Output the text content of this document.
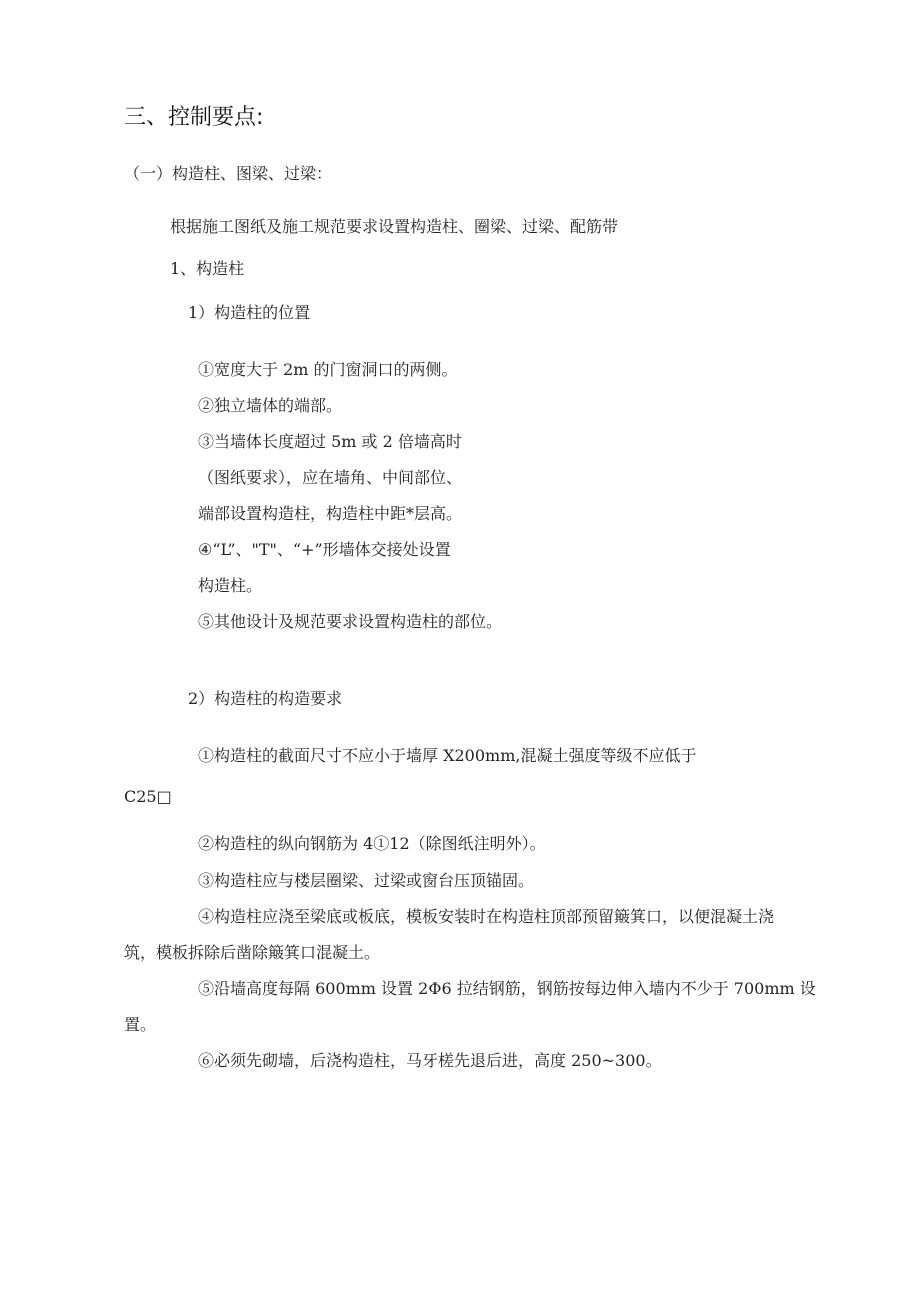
三、控制要点:

（一）构造柱、图梁、过梁：

根据施工图纸及施工规范要求设置构造柱、圈梁、过梁、配筋带

1、构造柱

1）构造柱的位置

①宽度大于 2m 的门窗洞口的两侧。

②独立墙体的端部。

③当墙体长度超过 5m 或 2 倍墙高时

（图纸要求），应在墙角、中间部位、

端部设置构造柱，构造柱中距*层高。

④“L”、"T"、“+”形墙体交接处设置

构造柱。

⑤其他设计及规范要求设置构造柱的部位。

2）构造柱的构造要求

①构造柱的截面尺寸不应小于墙厚 X200mm,混凝土强度等级不应低于

C25□

②构造柱的纵向钢筋为 4①12（除图纸注明外）。

③构造柱应与楼层圈梁、过梁或窗台压顶锚固。

④构造柱应浇至梁底或板底，模板安装时在构造柱顶部预留簸箕口，以便混凝土浇

筑，模板拆除后凿除簸箕口混凝土。

⑤沿墙高度每隔 600mm 设置 2Φ6 拉结钢筋，钢筋按每边伸入墙内不少于 700mm 设

置。

⑥必须先砌墙，后浇构造柱，马牙槎先退后进，高度 250~300。
